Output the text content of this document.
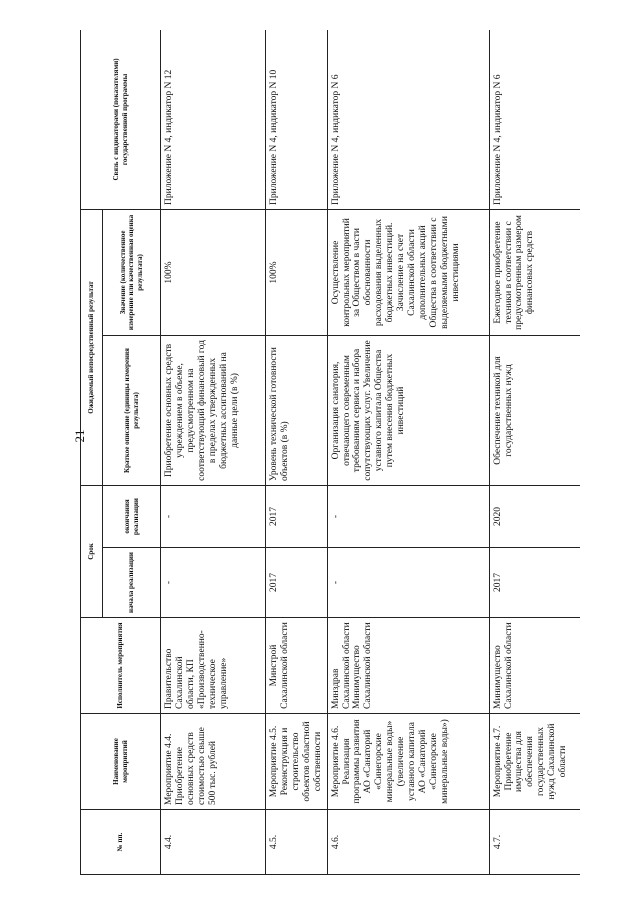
21
№ пп.	Наименование мероприятий	Исполнитель мероприятия	Срок		Ожидаемый непосредственный результат		Связь с индикаторами (показателями) государственной программы
			начала реализации	окончания реализации	Краткое описание (единицы измерения результата)	Значение (количественное измерение или качественная оценка результата)	
4.4.	Мероприятие 4.4. Приобретение основных средств стоимостью свыше 500 тыс. рублей	Правительство Сахалинской области, КП «Производственно-техническое управление»	-	-	Приобретение основных средств учреждением в объеме, предусмотренном на соответствующий финансовый год в пределах утвержденных бюджетных ассигнований на данные цели (в %)	100%	Приложение N 4, индикатор N 12
4.5.	Мероприятие 4.5. Реконструкция и строительство объектов областной собственности	Минстрой Сахалинской области	2017	2017	Уровень технической готовности объектов (в %)	100%	Приложение N 4, индикатор N 10
4.6.	Мероприятие 4.6. Реализация программы развития АО «Санаторий «Синегорские минеральные воды» (увеличение уставного капитала АО «Санаторий «Синегорские минеральные воды»)	Минздрав Сахалинской области Минимущество Сахалинской области	-	-	Организация санатория, отвечающего современным требованиям сервиса и набора сопутствующих услуг. Увеличение уставного капитала Общества путем внесения бюджетных инвестиций	Осуществление контрольных мероприятий за Обществом в части обоснованности расходования выделенных бюджетных инвестиций. Зачисление на счет Сахалинской области дополнительных акций Общества в соответствии с выделяемыми бюджетными инвестициями	Приложение N 4, индикатор N 6
4.7.	Мероприятие 4.7. Приобретение имущества для обеспечения государственных нужд Сахалинской области	Минимущество Сахалинской области	2017	2020	Обеспечение техникой для государственных нужд	Ежегодное приобретение техники в соответствии с предусмотренным размером финансовых средств	Приложение N 4, индикатор N 6
